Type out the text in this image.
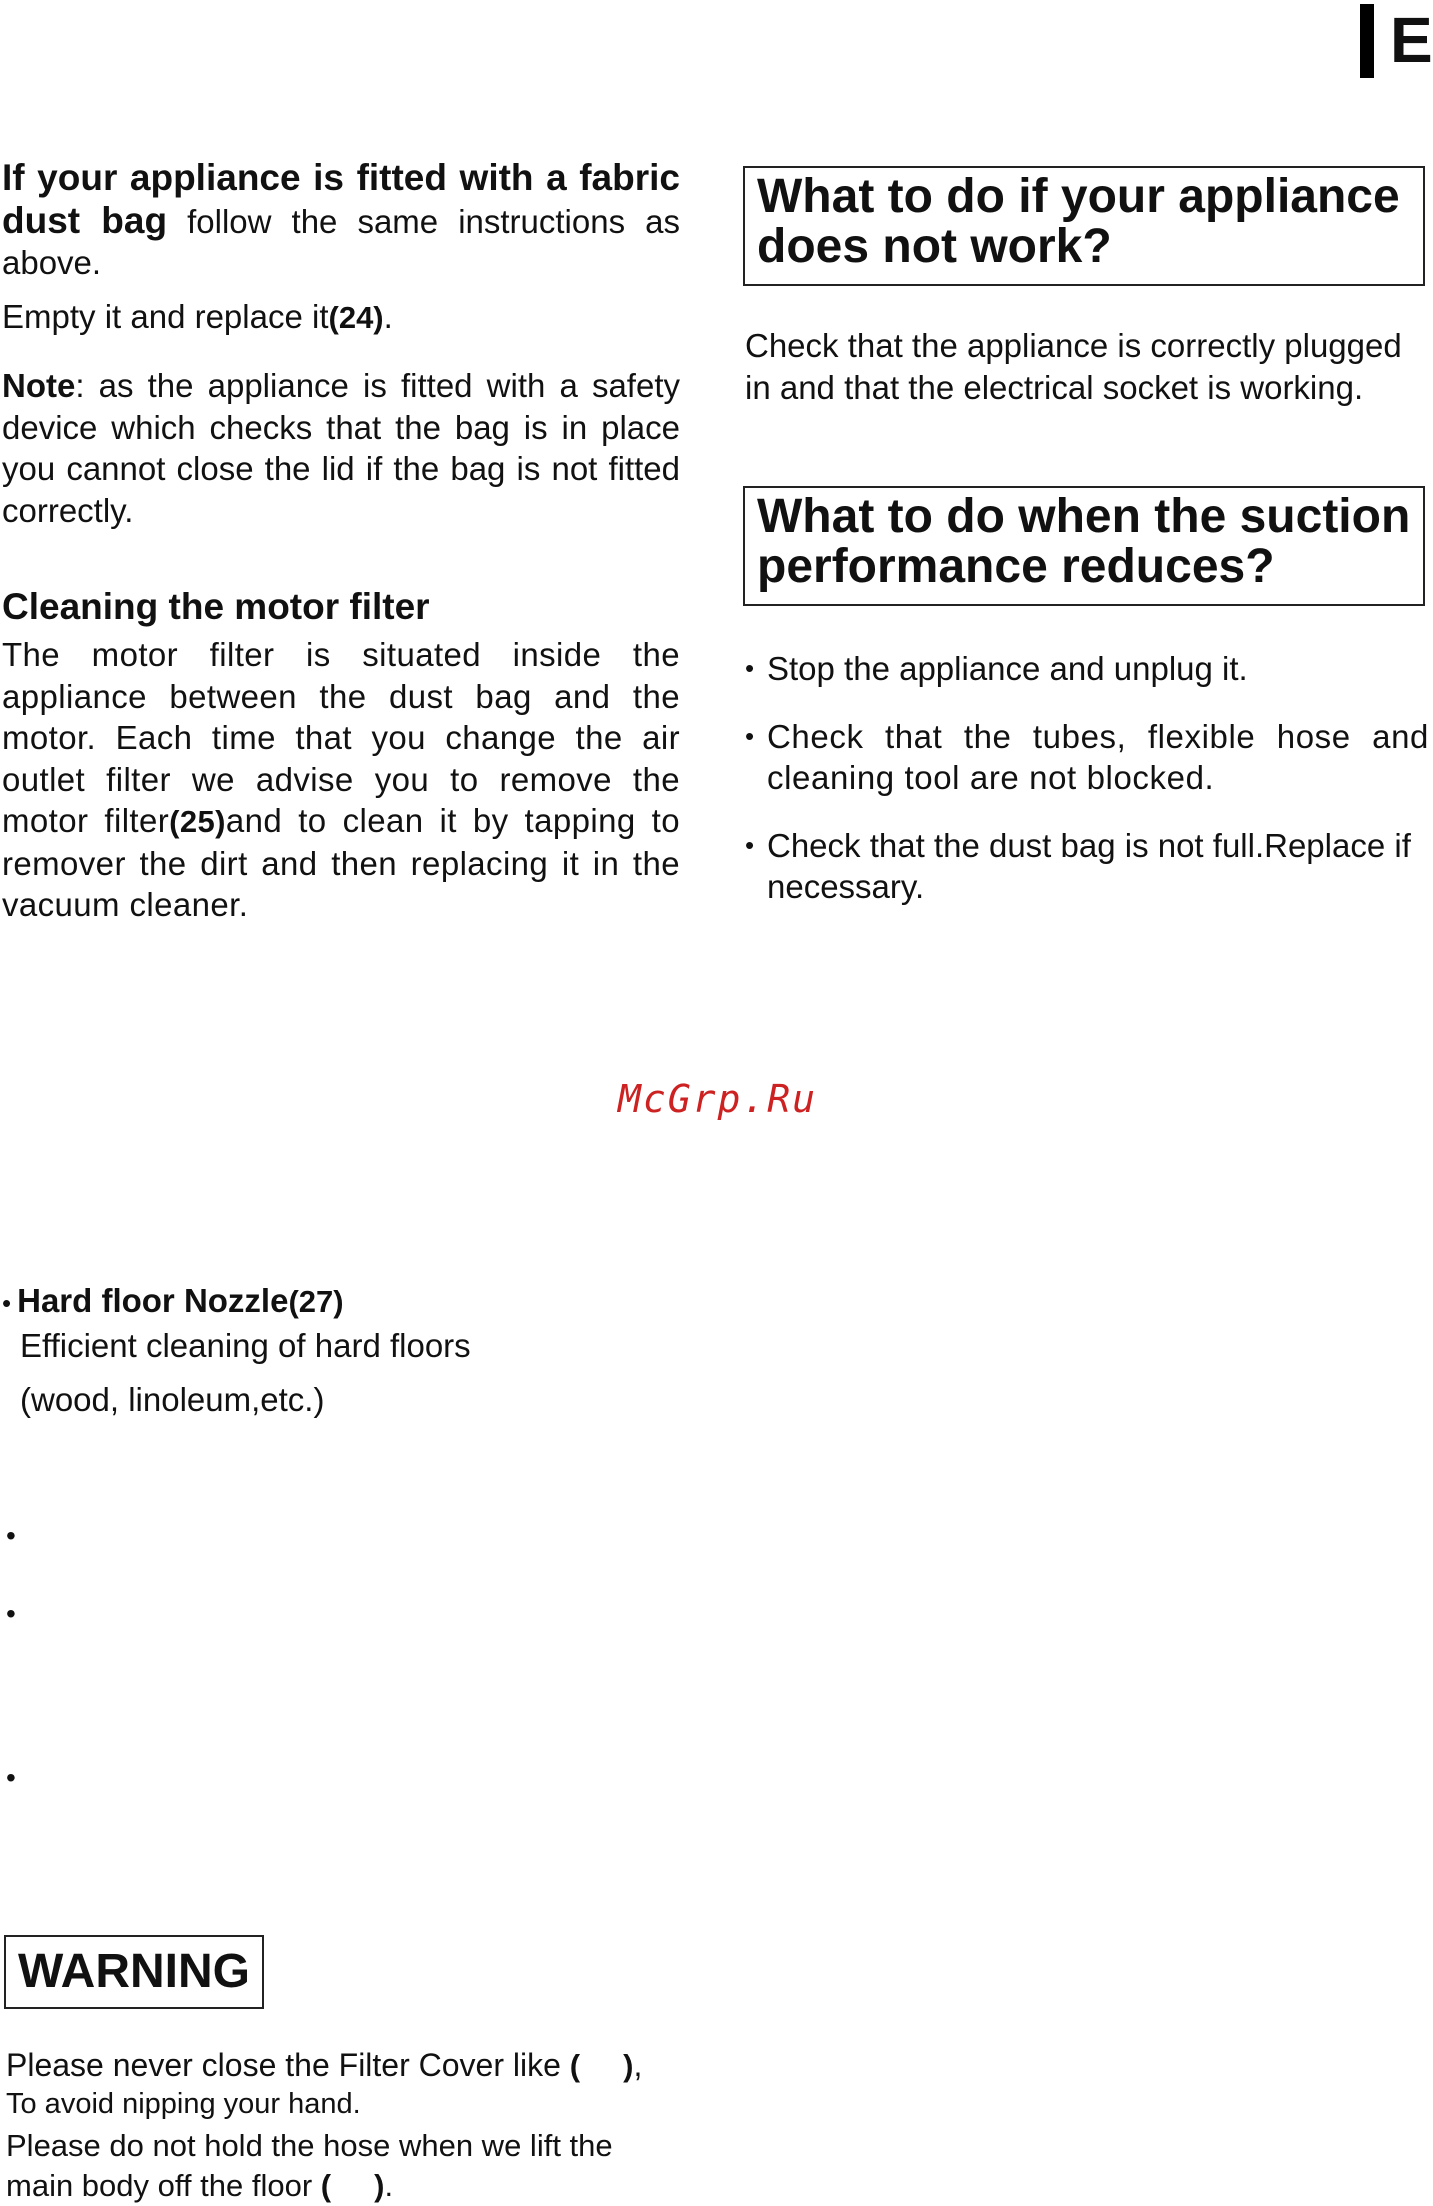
E
If your appliance is fitted with a fabric dust bag follow the same instructions as above.
Empty it and replace it(24).
Note: as the appliance is fitted with a safety device which checks that the bag is in place you cannot close the lid if the bag is not fitted correctly.
Cleaning the motor filter
The motor filter is situated inside the appliance between the dust bag and the motor. Each time that you change the air outlet filter we advise you to remove the motor filter(25)and to clean it by tapping to remover the dirt and then replacing it in the vacuum cleaner.
McGrp.Ru
• Hard floor Nozzle(27)
Efficient cleaning of hard floors
(wood, linoleum,etc.)
•
•
•
WARNING
Please never close the Filter Cover like (     ),
To avoid nipping your hand.
Please do not hold the hose when we lift the
main body off the floor (     ).
What to do if your appliance does not work?
Check that the appliance is correctly plugged in and that the electrical socket is working.
What to do when the suction performance reduces?
• Stop the appliance and unplug it.
• Check that the tubes, flexible hose and cleaning tool are not blocked.
• Check that the dust bag is not full.Replace if necessary.
